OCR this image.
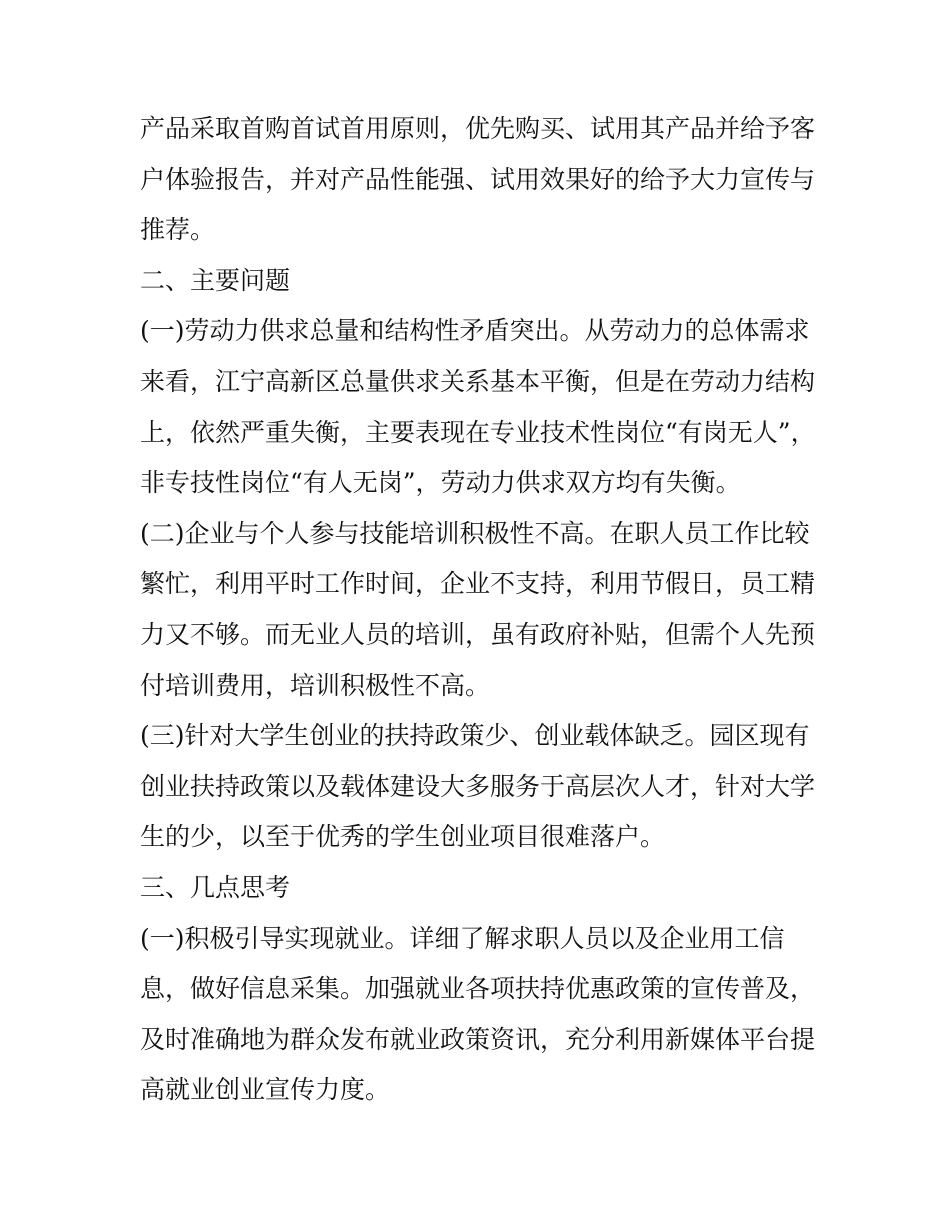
产品采取首购首试首用原则，优先购买、试用其产品并给予客
户体验报告，并对产品性能强、试用效果好的给予大力宣传与
推荐。

二、主要问题

(一)劳动力供求总量和结构性矛盾突出。从劳动力的总体需求
来看，江宁高新区总量供求关系基本平衡，但是在劳动力结构
上，依然严重失衡，主要表现在专业技术性岗位“有岗无人”，
非专技性岗位“有人无岗”，劳动力供求双方均有失衡。

(二)企业与个人参与技能培训积极性不高。在职人员工作比较
繁忙，利用平时工作时间，企业不支持，利用节假日，员工精
力又不够。而无业人员的培训，虽有政府补贴，但需个人先预
付培训费用，培训积极性不高。

(三)针对大学生创业的扶持政策少、创业载体缺乏。园区现有
创业扶持政策以及载体建设大多服务于高层次人才，针对大学
生的少，以至于优秀的学生创业项目很难落户。

三、几点思考

(一)积极引导实现就业。详细了解求职人员以及企业用工信
息，做好信息采集。加强就业各项扶持优惠政策的宣传普及，
及时准确地为群众发布就业政策资讯，充分利用新媒体平台提
高就业创业宣传力度。
